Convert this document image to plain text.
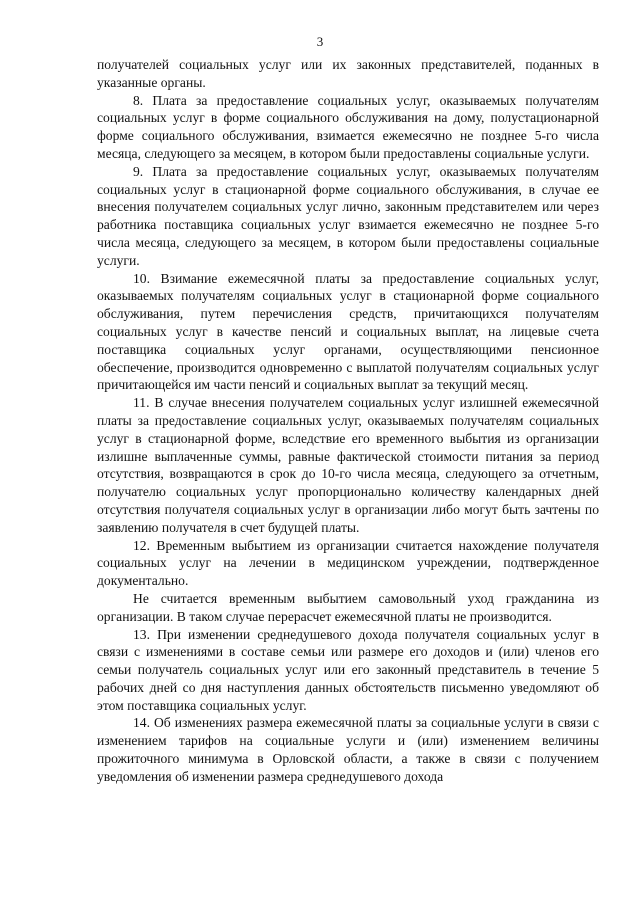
3

получателей социальных услуг или их законных представителей, поданных в указанные органы.

8. Плата за предоставление социальных услуг, оказываемых получателям социальных услуг в форме социального обслуживания на дому, полустационарной форме социального обслуживания, взимается ежемесячно не позднее 5-го числа месяца, следующего за месяцем, в котором были предоставлены социальные услуги.

9. Плата за предоставление социальных услуг, оказываемых получателям социальных услуг в стационарной форме социального обслуживания, в случае ее внесения получателем социальных услуг лично, законным представителем или через работника поставщика социальных услуг взимается ежемесячно не позднее 5-го числа месяца, следующего за месяцем, в котором были предоставлены социальные услуги.

10. Взимание ежемесячной платы за предоставление социальных услуг, оказываемых получателям социальных услуг в стационарной форме социального обслуживания, путем перечисления средств, причитающихся получателям социальных услуг в качестве пенсий и социальных выплат, на лицевые счета поставщика социальных услуг органами, осуществляющими пенсионное обеспечение, производится одновременно с выплатой получателям социальных услуг причитающейся им части пенсий и социальных выплат за текущий месяц.

11. В случае внесения получателем социальных услуг излишней ежемесячной платы за предоставление социальных услуг, оказываемых получателям социальных услуг в стационарной форме, вследствие его временного выбытия из организации излишне выплаченные суммы, равные фактической стоимости питания за период отсутствия, возвращаются в срок до 10-го числа месяца, следующего за отчетным, получателю социальных услуг пропорционально количеству календарных дней отсутствия получателя социальных услуг в организации либо могут быть зачтены по заявлению получателя в счет будущей платы.

12. Временным выбытием из организации считается нахождение получателя социальных услуг на лечении в медицинском учреждении, подтвержденное документально.

Не считается временным выбытием самовольный уход гражданина из организации. В таком случае перерасчет ежемесячной платы не производится.

13. При изменении среднедушевого дохода получателя социальных услуг в связи с изменениями в составе семьи или размере его доходов и (или) членов его семьи получатель социальных услуг или его законный представитель в течение 5 рабочих дней со дня наступления данных обстоятельств письменно уведомляют об этом поставщика социальных услуг.

14. Об изменениях размера ежемесячной платы за социальные услуги в связи с изменением тарифов на социальные услуги и (или) изменением величины прожиточного минимума в Орловской области, а также в связи с получением уведомления об изменении размера среднедушевого дохода
